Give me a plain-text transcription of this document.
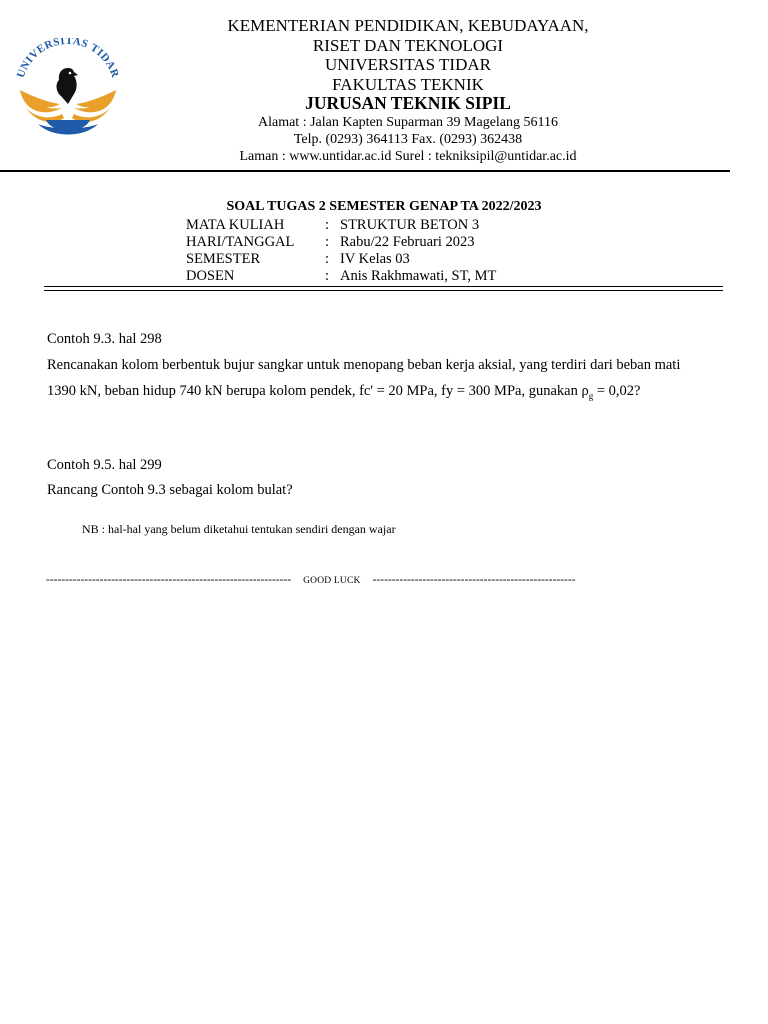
UNIVERSITAS TIDAR
KEMENTERIAN PENDIDIKAN, KEBUDAYAAN,
RISET DAN TEKNOLOGI
UNIVERSITAS TIDAR
FAKULTAS TEKNIK
JURUSAN TEKNIK SIPIL
Alamat : Jalan Kapten Suparman 39 Magelang 56116
Telp. (0293) 364113 Fax. (0293) 362438
Laman : www.untidar.ac.id Surel : tekniksipil@untidar.ac.id
SOAL TUGAS 2 SEMESTER GENAP TA 2022/2023
MATA KULIAH	: STRUKTUR BETON 3
HARI/TANGGAL	: Rabu/22 Februari 2023
SEMESTER	: IV Kelas 03
DOSEN	: Anis Rakhmawati, ST, MT
Contoh 9.3. hal 298
Rencanakan kolom berbentuk bujur sangkar untuk menopang beban kerja aksial, yang terdiri dari beban mati
1390 kN, beban hidup 740 kN berupa kolom pendek, fc' = 20 MPa, fy = 300 MPa, gunakan $\rho_g = 0,02$?
Contoh 9.5. hal 299
Rancang Contoh 9.3 sebagai kolom bulat?
NB : hal-hal yang belum diketahui tentukan sendiri dengan wajar
---------------------------------------------------------------- GOOD LUCK -----------------------------------------------------
